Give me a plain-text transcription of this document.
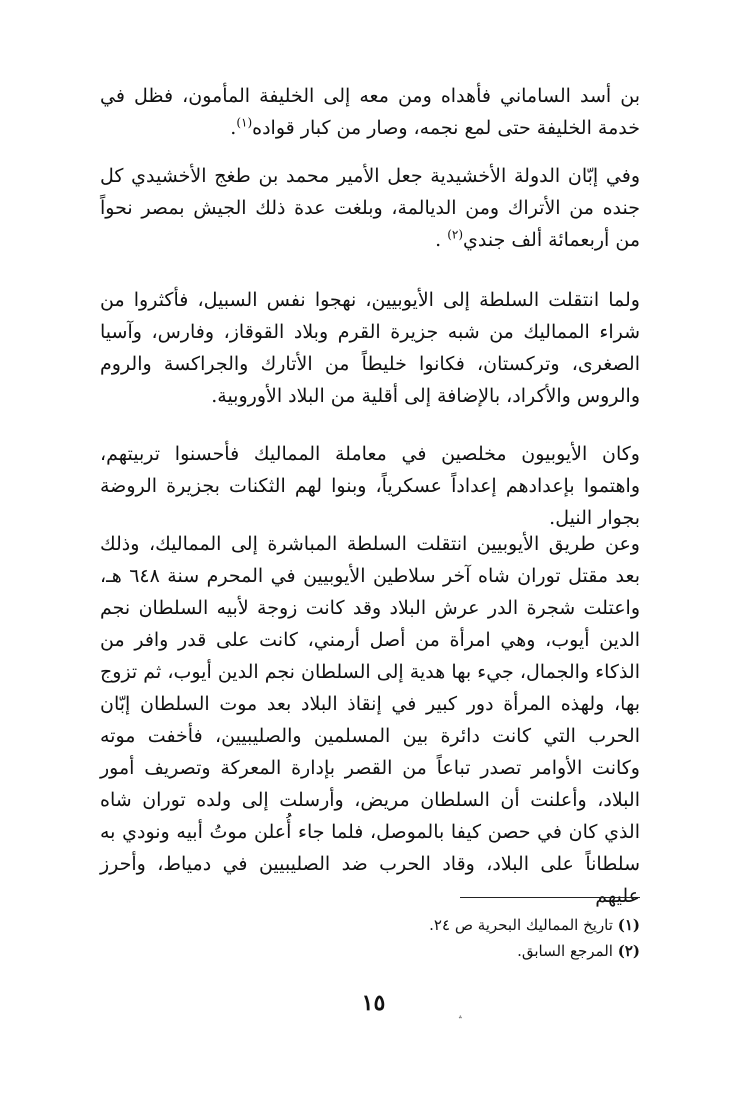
بن أسد الساماني فأهداه ومن معه إلى الخليفة المأمون، فظل في خدمة الخليفة حتى لمع نجمه، وصار من كبار قواده$^{(١)}$.

وفي إبّان الدولة الأخشيدية جعل الأمير محمد بن طغج الأخشيدي كل جنده من الأتراك ومن الديالمة، وبلغت عدة ذلك الجيش بمصر نحواً من أربعمائة ألف جندي$^{(٢)}$ .

ولما انتقلت السلطة إلى الأيوبيين، نهجوا نفس السبيل، فأكثروا من شراء المماليك من شبه جزيرة القرم وبلاد القوقاز، وفارس، وآسيا الصغرى، وتركستان، فكانوا خليطاً من الأتارك والجراكسة والروم والروس والأكراد، بالإضافة إلى أقلية من البلاد الأوروبية.

وكان الأيوبيون مخلصين في معاملة المماليك فأحسنوا تربيتهم، واهتموا بإعدادهم إعداداً عسكرياً، وبنوا لهم الثكنات بجزيرة الروضة بجوار النيل.

وعن طريق الأيوبيين انتقلت السلطة المباشرة إلى المماليك، وذلك بعد مقتل توران شاه آخر سلاطين الأيوبيين في المحرم سنة ٦٤٨ هـ، واعتلت شجرة الدر عرش البلاد وقد كانت زوجة لأبيه السلطان نجم الدين أيوب، وهي امرأة من أصل أرمني، كانت على قدر وافر من الذكاء والجمال، جيء بها هدية إلى السلطان نجم الدين أيوب، ثم تزوج بها، ولهذه المرأة دور كبير في إنقاذ البلاد بعد موت السلطان إبّان الحرب التي كانت دائرة بين المسلمين والصليبيين، فأخفت موته وكانت الأوامر تصدر تباعاً من القصر بإدارة المعركة وتصريف أمور البلاد، وأعلنت أن السلطان مريض، وأرسلت إلى ولده توران شاه الذي كان في حصن كيفا بالموصل، فلما جاء أُعلن موتُ أبيه ونودي به سلطاناً على البلاد، وقاد الحرب ضد الصليبيين في دمياط، وأحرز عليهم

(١) تاريخ المماليك البحرية ص ٢٤.

(٢) المرجع السابق.

١٥
؞
